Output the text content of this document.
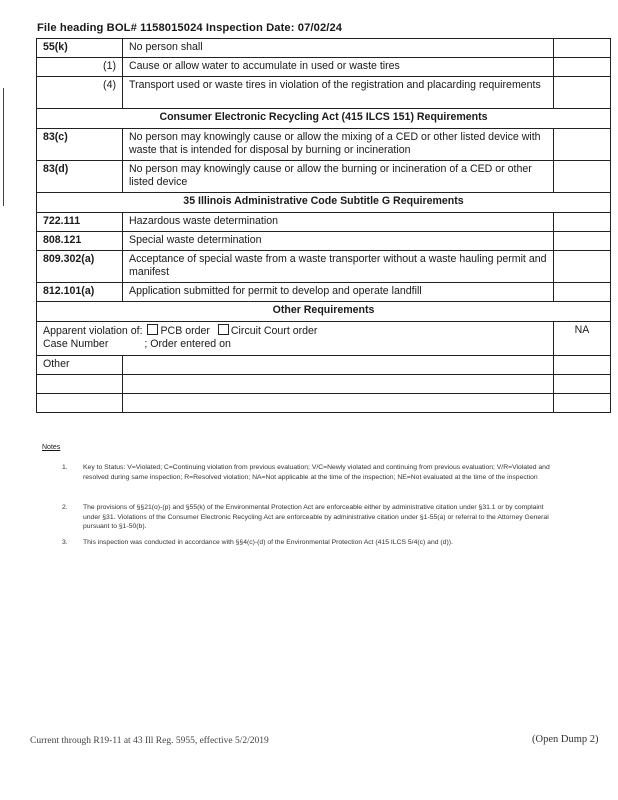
File heading BOL# 1158015024 Inspection Date: 07/02/24
55(k)	No person shall	
(1)	Cause or allow water to accumulate in used or waste tires	
(4)	Transport used or waste tires in violation of the registration and placarding requirements	
Consumer Electronic Recycling Act (415 ILCS 151) Requirements		
83(c)	No person may knowingly cause or allow the mixing of a CED or other listed device with waste that is intended for disposal by burning or incineration	
83(d)	No person may knowingly cause or allow the burning or incineration of a CED or other listed device	
35 Illinois Administrative Code Subtitle G Requirements		
722.111	Hazardous waste determination	
808.121	Special waste determination	
809.302(a)	Acceptance of special waste from a waste transporter without a waste hauling permit and manifest	
812.101(a)	Application submitted for permit to develop and operate landfill	
Other Requirements		
Apparent violation of: PCB order Circuit Court order
Case Number ; Order entered on		NA
Other		

Notes
1. Key to Status: V=Violated; C=Continuing violation from previous evaluation; V/C=Newly violated and continuing from previous evaluation; V/R=Violated and resolved during same inspection; R=Resolved violation; NA=Not applicable at the time of the inspection; NE=Not evaluated at the time of the inspection
2. The provisions of §§21(o)-(p) and §55(k) of the Environmental Protection Act are enforceable either by administrative citation under §31.1 or by complaint under §31. Violations of the Consumer Electronic Recycling Act are enforceable by administrative citation under §1-55(a) or referral to the Attorney General pursuant to §1-50(b).
3. This inspection was conducted in accordance with §§4(c)-(d) of the Environmental Protection Act (415 ILCS 5/4(c) and (d)).
Current through R19-11 at 43 Ill Reg. 5955, effective 5/2/2019	(Open Dump 2)
